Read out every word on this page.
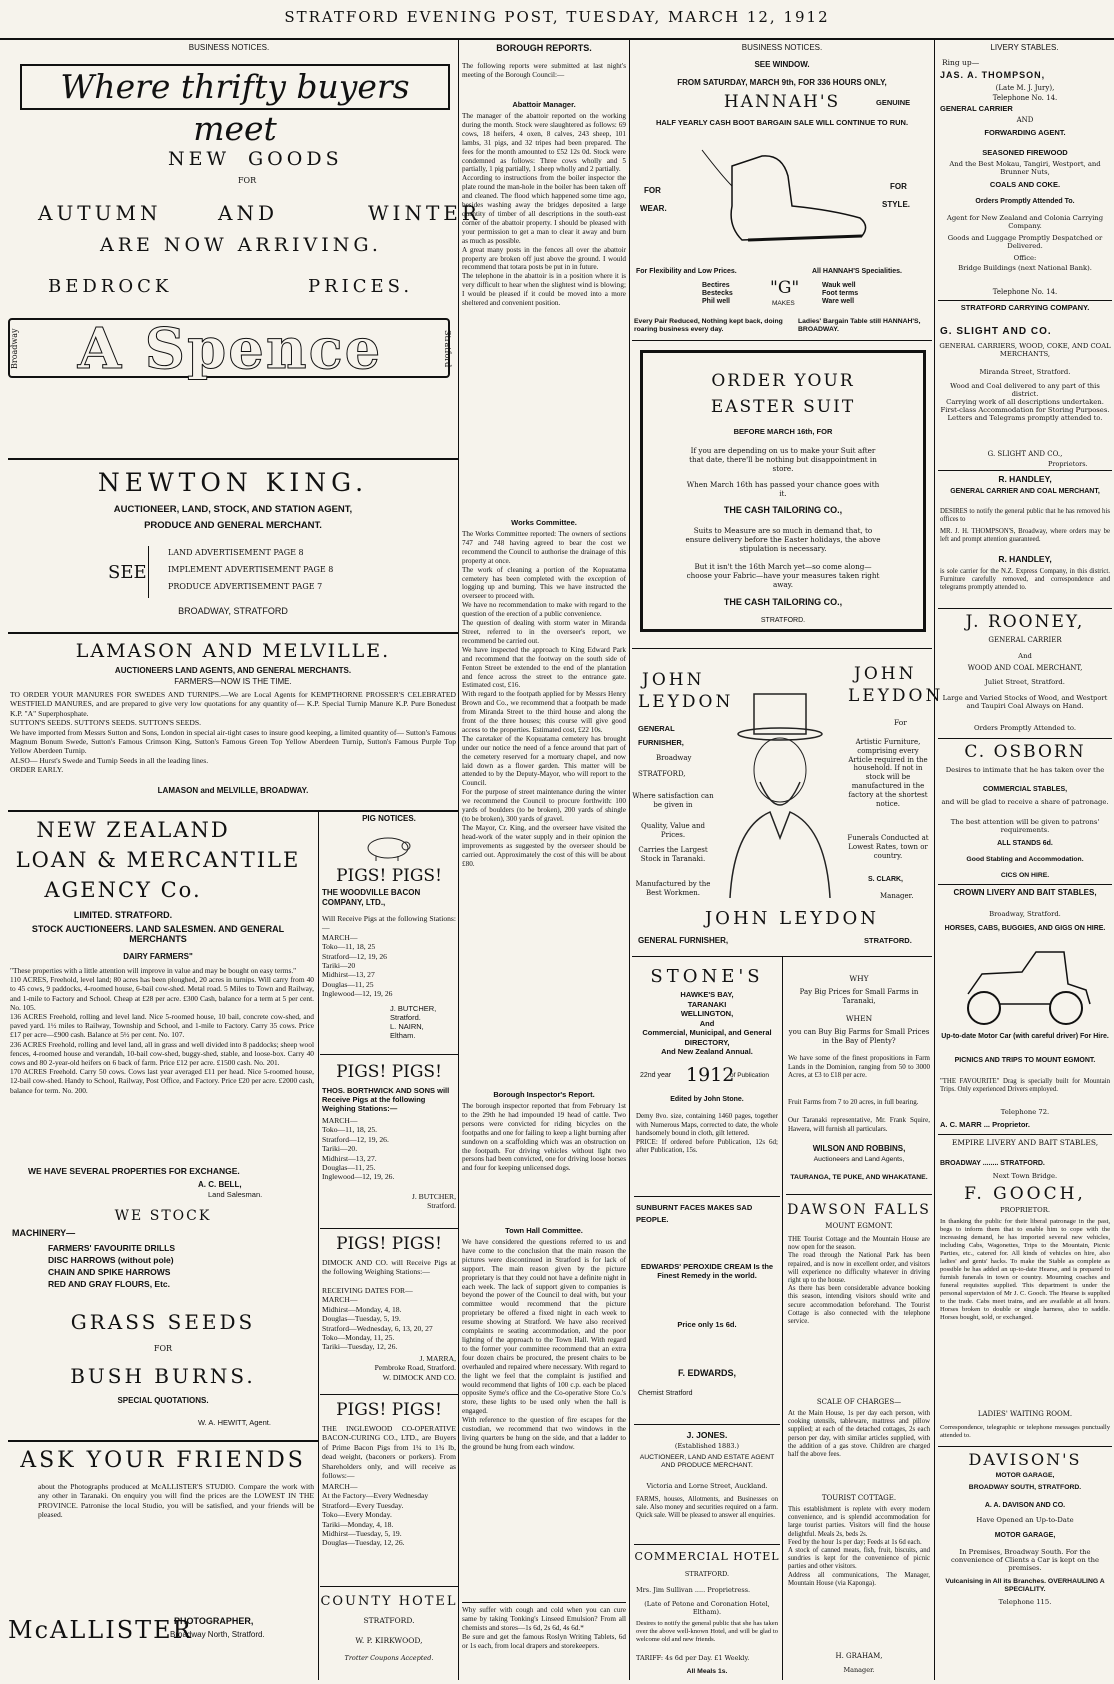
STRATFORD EVENING POST, TUESDAY, MARCH 12, 1912
BUSINESS NOTICES.	BOROUGH REPORTS.	BUSINESS NOTICES.	LIVERY STABLES.
Where thrifty buyers meet
NEW GOODS
FOR
AUTUMN	AND	WINTER
ARE NOW ARRIVING.
BEDROCK	PRICES.
Broadway	A Spence	Stratford
NEWTON KING.
AUCTIONEER, LAND, STOCK, AND STATION AGENT,
PRODUCE AND GENERAL MERCHANT.
SEE
LAND ADVERTISEMENT PAGE 8
IMPLEMENT ADVERTISEMENT PAGE 8
PRODUCE ADVERTISEMENT PAGE 7
BROADWAY, STRATFORD
LAMASON AND MELVILLE.
AUCTIONEERS LAND AGENTS, AND GENERAL MERCHANTS.
FARMERS—NOW IS THE TIME.
TO ORDER YOUR MANURES FOR SWEDES AND TURNIPS.—We are Local Agents for KEMPTHORNE PROSSER'S CELEBRATED WESTFIELD MANURES, and are prepared to give very low quotations for any quantity of— K.P. Special Turnip Manure K.P. Pure Bonedust K.P. "A" Superphosphate.
SUTTON'S SEEDS. SUTTON'S SEEDS. SUTTON'S SEEDS.
We have imported from Messrs Sutton and Sons, London in special air-tight cases to insure good keeping, a limited quantity of— Sutton's Famous Magnum Bonum Swede, Sutton's Famous Crimson King, Sutton's Famous Green Top Yellow Aberdeen Turnip, Sutton's Famous Purple Top Yellow Aberdeen Turnip.
ALSO— Hurst's Swede and Turnip Seeds in all the leading lines.
ORDER EARLY.
LAMASON and MELVILLE, BROADWAY.
NEW ZEALAND
LOAN & MERCANTILE
AGENCY Co.
LIMITED. STRATFORD.
STOCK AUCTIONEERS. LAND SALESMEN. AND GENERAL MERCHANTS
DAIRY FARMERS"
"These properties with a little attention will improve in value and may be bought on easy terms."
110 ACRES, Freehold, level land; 80 acres has been ploughed, 20 acres in turnips. Will carry from 40 to 45 cows, 9 paddocks, 4-roomed house, 6-bail cow-shed. Metal road. 5 Miles to Town and Railway, and 1-mile to Factory and School. Cheap at £28 per acre. £300 Cash, balance for a term at 5 per cent. No. 105.
136 ACRES Freehold, rolling and level land. Nice 5-roomed house, 10 bail, concrete cow-shed, and paved yard. 1½ miles to Railway, Township and School, and 1-mile to Factory. Carry 35 cows. Price £17 per acre—£900 cash. Balance at 5½ per cent. No. 107.
236 ACRES Freehold, rolling and level land, all in grass and well divided into 8 paddocks; sheep wool fences, 4-roomed house and verandah, 10-bail cow-shed, buggy-shed, stable, and loose-box. Carry 40 cows and 80 2-year-old heifers on 6 back of farm. Price £12 per acre. £1500 cash. No. 201.
170 ACRES Freehold. Carry 50 cows. Cows last year averaged £11 per head. Nice 5-roomed house, 12-bail cow-shed. Handy to School, Railway, Post Office, and Factory. Price £20 per acre. £2000 cash, balance for term. No. 200.
WE HAVE SEVERAL PROPERTIES FOR EXCHANGE.
A. C. BELL,
Land Salesman.
WE STOCK
MACHINERY—
FARMERS' FAVOURITE DRILLS
DISC HARROWS (without pole)
CHAIN AND SPIKE HARROWS
RED AND GRAY FLOURS, Etc.
GRASS SEEDS
FOR
BUSH BURNS.
SPECIAL QUOTATIONS.
W. A. HEWITT, Agent.
ASK YOUR FRIENDS
about the Photographs produced at McALLISTER'S STUDIO. Compare the work with any other in Taranaki. On enquiry you will find the prices are the LOWEST IN THE PROVINCE. Patronise the local Studio, you will be satisfied, and your friends will be pleased.
McALLISTER
PHOTOGRAPHER,
Broadway North, Stratford.
PIG NOTICES.
PIGS! PIGS!
THE WOODVILLE BACON COMPANY, LTD.,
Will Receive Pigs at the following Stations:—
MARCH—
Toko—11, 18, 25
Stratford—12, 19, 26
Tariki—20
Midhirst—13, 27
Douglas—11, 25
Inglewood—12, 19, 26
J. BUTCHER,
Stratford.
L. NAIRN,
Eltham.
PIGS! PIGS!
THOS. BORTHWICK AND SONS will Receive Pigs at the following Weighing Stations:—
MARCH—
Toko—11, 18, 25.
Stratford—12, 19, 26.
Tariki—20.
Midhirst—13, 27.
Douglas—11, 25.
Inglewood—12, 19, 26.
J. BUTCHER,
Stratford.
PIGS! PIGS!
DIMOCK AND CO. will Receive Pigs at the following Weighing Stations:—
RECEIVING DATES FOR—
MARCH—
Midhirst—Monday, 4, 18.
Douglas—Tuesday, 5, 19.
Stratford—Wednesday, 6, 13, 20, 27
Toko—Monday, 11, 25.
Tariki—Tuesday, 12, 26.
J. MARRA,
Pembroke Road, Stratford.
W. DIMOCK AND CO.
PIGS! PIGS!
THE INGLEWOOD CO-OPERATIVE BACON-CURING CO., LTD., are Buyers of Prime Bacon Pigs from 1¼ to 1¾ lb, dead weight, (baconers or porkers). From Shareholders only, and will receive as follows:—
MARCH—
At the Factory—Every Wednesday
Stratford—Every Tuesday.
Toko—Every Monday.
Tariki—Monday, 4, 18.
Midhirst—Tuesday, 5, 19.
Douglas—Tuesday, 12, 26.
COUNTY HOTEL
STRATFORD.
W. P. KIRKWOOD,
Trotter Coupons Accepted.
The following reports were submitted at last night's meeting of the Borough Council:—
Abattoir Manager.
The manager of the abattoir reported on the working during the month. Stock were slaughtered as follows: 69 cows, 18 heifers, 4 oxen, 8 calves, 243 sheep, 101 lambs, 31 pigs, and 32 tripes had been prepared. The fees for the month amounted to £52 12s 0d. Stock were condemned as follows: Three cows wholly and 5 partially, 1 pig partially, 1 sheep wholly and 2 partially.
According to instructions from the boiler inspector the plate round the man-hole in the boiler has been taken off and cleaned. The flood which happened some time ago, besides washing away the bridges deposited a large quantity of timber of all descriptions in the south-east corner of the abattoir property. I should be pleased with your permission to get a man to clear it away and burn as much as possible.
A great many posts in the fences all over the abattoir property are broken off just above the ground. I would recommend that totara posts be put in in future.
The telephone in the abattoir is in a position where it is very difficult to hear when the slightest wind is blowing; I would be pleased if it could be moved into a more sheltered and convenient position.
Works Committee.
The Works Committee reported: The owners of sections 747 and 748 having agreed to bear the cost we recommend the Council to authorise the drainage of this property at once.
The work of cleaning a portion of the Kopuatama cemetery has been completed with the exception of logging up and burning. This we have instructed the overseer to proceed with.
We have no recommendation to make with regard to the question of the erection of a public convenience.
The question of dealing with storm water in Miranda Street, referred to in the overseer's report, we recommend be carried out.
We have inspected the approach to King Edward Park and recommend that the footway on the south side of Fenton Street be extended to the end of the plantation and fence across the street to the entrance gate. Estimated cost, £16.
With regard to the footpath applied for by Messrs Henry Brown and Co., we recommend that a footpath be made from Miranda Street to the third house and along the front of the three houses; this course will give good access to the properties. Estimated cost, £22 10s.
The caretaker of the Kopuatama cemetery has brought under our notice the need of a fence around that part of the cemetery reserved for a mortuary chapel, and now laid down as a flower garden. This matter will be attended to by the Deputy-Mayor, who will report to the Council.
For the purpose of street maintenance during the winter we recommend the Council to procure forthwith: 100 yards of boulders (to be broken), 200 yards of shingle (to be broken), 300 yards of gravel.
The Mayor, Cr. King, and the overseer have visited the head-work of the water supply and in their opinion the improvements as suggested by the overseer should be carried out. Approximately the cost of this will be about £80.
Borough Inspector's Report.
The borough inspector reported that from February 1st to the 29th he had impounded 19 head of cattle. Two persons were convicted for riding bicycles on the footpaths and one for failing to keep a light burning after sundown on a scaffolding which was an obstruction on the footpath. For driving vehicles without light two persons had been convicted, one for driving loose horses and four for keeping unlicensed dogs.
Town Hall Committee.
We have considered the questions referred to us and have come to the conclusion that the main reason the pictures were discontinued in Stratford is for lack of support. The main reason given by the picture proprietary is that they could not have a definite night in each week. The lack of support given to companies is beyond the power of the Council to deal with, but your committee would recommend that the picture proprietary be offered a fixed night in each week to resume showing at Stratford. We have also received complaints re seating accommodation, and the poor lighting of the approach to the Town Hall. With regard to the former your committee recommend that an extra four dozen chairs be procured, the present chairs to be overhauled and repaired where necessary. With regard to the light we feel that the complaint is justified and would recommend that lights of 100 c.p. each be placed opposite Syme's office and the Co-operative Store Co.'s store, these lights to be used only when the hall is engaged.
With reference to the question of fire escapes for the custodian, we recommend that two windows in the living quarters be hung on the side, and that a ladder to the ground be hung from each window.
Why suffer with cough and cold when you can cure same by taking Tonking's Linseed Emulsion? From all chemists and stores—1s 6d, 2s 6d, 4s 6d.*
Be sure and get the famous Roslyn Writing Tablets, 6d or 1s each, from local drapers and storekeepers.
SEE WINDOW.
FROM SATURDAY, MARCH 9th, FOR 336 HOURS ONLY,
HANNAH'S	GENUINE
HALF YEARLY CASH BOOT BARGAIN SALE WILL CONTINUE TO RUN.
FOR
WEAR.
FOR
STYLE.
For Flexibility and Low Prices.	All HANNAH'S Specialities.
Bectires
Bestecks
Phil well
"G"
MAKES
Wauk well
Foot terms
Ware well
Every Pair Reduced, Nothing kept back, doing roaring business every day.
Ladies' Bargain Table still HANNAH'S, BROADWAY.
ORDER YOUR
EASTER SUIT
BEFORE MARCH 16th, FOR
If you are depending on us to make your Suit after that date, there'll be nothing but disappointment in store.
When March 16th has passed your chance goes with it.
THE CASH TAILORING CO.,
Suits to Measure are so much in demand that, to ensure delivery before the Easter holidays, the above stipulation is necessary.
But it isn't the 16th March yet—so come along—choose your Fabric—have your measures taken right away.
THE CASH TAILORING CO.,
STRATFORD.
JOHN
LEYDON
GENERAL
FURNISHER,
Broadway
STRATFORD,
Where satisfaction can be given in
Quality, Value and Prices.
Carries the Largest Stock in Taranaki.
Manufactured by the Best Workmen.
JOHN
LEYDON
For
Artistic Furniture, comprising every Article required in the household. If not in stock will be manufactured in the factory at the shortest notice.
Funerals Conducted at Lowest Rates, town or country.
S. CLARK,
Manager.
JOHN LEYDON
GENERAL FURNISHER,	STRATFORD.
STONE'S
HAWKE'S BAY,
TARANAKI
WELLINGTON,
And
Commercial, Municipal, and General
DIRECTORY,
And New Zealand Annual.
22nd year 1912
of Publication
Edited by John Stone.
Demy 8vo. size, containing 1460 pages, together with Numerous Maps, corrected to date, the whole handsomely bound in cloth, gilt lettered.
PRICE: If ordered before Publication, 12s 6d; after Publication, 15s.
SUNBURNT FACES MAKES SAD PEOPLE.
EDWARDS' PEROXIDE CREAM Is the Finest Remedy in the world.
Price only 1s 6d.
F. EDWARDS,
Chemist Stratford
J. JONES.
(Established 1883.)
AUCTIONEER, LAND AND ESTATE AGENT AND PRODUCE MERCHANT.
Victoria and Lorne Street, Auckland.
FARMS, houses, Allotments, and Businesses on sale. Also money and securities required on a farm. Quick sale. Will be pleased to answer all enquiries.
COMMERCIAL HOTEL
STRATFORD.
Mrs. Jim Sullivan ..... Proprietress.
(Late of Petone and Coronation Hotel, Eltham).
Desires to notify the general public that she has taken over the above well-known Hotel, and will be glad to welcome old and new friends.
TARIFF: 4s 6d per Day. £1 Weekly.
All Meals 1s.
WHY
Pay Big Prices for Small Farms in Taranaki,
WHEN
you can Buy Big Farms for Small Prices in the Bay of Plenty?
We have some of the finest propositions in Farm Lands in the Dominion, ranging from 50 to 3000 Acres, at £3 to £18 per acre.
Fruit Farms from 7 to 20 acres, in full bearing.
Our Taranaki representative, Mr. Frank Squire, Hawera, will furnish all particulars.
WILSON AND ROBBINS,
Auctioneers and Land Agents,
TAURANGA, TE PUKE, AND WHAKATANE.
DAWSON FALLS
MOUNT EGMONT.
THE Tourist Cottage and the Mountain House are now open for the season.
The road through the National Park has been repaired, and is now in excellent order, and visitors will experience no difficulty whatever in driving right up to the house.
As there has been considerable advance booking this season, intending visitors should write and secure accommodation beforehand. The Tourist Cottage is also connected with the telephone service.
SCALE OF CHARGES—
At the Main House, 1s per day each person, with cooking utensils, tableware, mattress and pillow supplied; at each of the detached cottages, 2s each person per day, with similar articles supplied, with the addition of a gas stove. Children are charged half the above fees.
TOURIST COTTAGE.
This establishment is replete with every modern convenience, and is splendid accommodation for large tourist parties. Visitors will find the house delightful. Meals 2s, beds 2s.
Feed by the hour 1s per day; Feeds at 1s 6d each.
A stock of canned meats, fish, fruit, biscuits, and sundries is kept for the convenience of picnic parties and other visitors.
Address all communications, The Manager, Mountain House (via Kaponga).
H. GRAHAM,
Manager.
Ring up—
JAS. A. THOMPSON,
(Late M. J. Jury),
Telephone No. 14.
GENERAL CARRIER
AND
FORWARDING AGENT.
SEASONED FIREWOOD
And the Best Mokau, Tangiri, Westport, and Brunner Nuts,
COALS AND COKE.
Orders Promptly Attended To.
Agent for New Zealand and Colonia Carrying Company.
Goods and Luggage Promptly Despatched or Delivered.
Office:
Bridge Buildings (next National Bank).
Telephone No. 14.
STRATFORD CARRYING COMPANY.
G. SLIGHT AND CO.
GENERAL CARRIERS, WOOD, COKE, AND COAL MERCHANTS,
Miranda Street, Stratford.
Wood and Coal delivered to any part of this district.
Carrying work of all descriptions undertaken.
First-class Accommodation for Storing Purposes.
Letters and Telegrams promptly attended to.
G. SLIGHT AND CO.,
Proprietors.
R. HANDLEY,
GENERAL CARRIER AND COAL MERCHANT,
DESIRES to notify the general public that he has removed his offices to
MR. J. H. THOMPSON'S, Broadway, where orders may be left and prompt attention guaranteed.
R. HANDLEY,
is sole carrier for the N.Z. Express Company, in this district. Furniture carefully removed, and correspondence and telegrams promptly attended to.
J. ROONEY,
GENERAL CARRIER
And
WOOD AND COAL MERCHANT,
Juliet Street, Stratford.
Large and Varied Stocks of Wood, and Westport and Taupiri Coal Always on Hand.
Orders Promptly Attended to.
C. OSBORN
Desires to intimate that he has taken over the
COMMERCIAL STABLES,
and will be glad to receive a share of patronage.
The best attention will be given to patrons' requirements.
ALL STANDS 6d.
Good Stabling and Accommodation.
CICS ON HIRE.
CROWN LIVERY AND BAIT STABLES,
Broadway, Stratford.
HORSES, CABS, BUGGIES, AND GIGS ON HIRE.
Up-to-date Motor Car (with careful driver) For Hire.
PICNICS AND TRIPS TO MOUNT EGMONT.
"THE FAVOURITE" Drag is specially built for Mountain Trips. Only experienced Drivers employed.
Telephone 72.
A. C. MARR ... Proprietor.
EMPIRE LIVERY AND BAIT STABLES,
BROADWAY ........ STRATFORD.
Next Town Bridge.
F. GOOCH,
PROPRIETOR.
In thanking the public for their liberal patronage in the past, begs to inform them that to enable him to cope with the increasing demand, he has imported several new vehicles, including Cabs, Wagonettes, Trips to the Mountain, Picnic Parties, etc., catered for. All kinds of vehicles on hire, also ladies' and gents' hacks. To make the Stable as complete as possible he has added an up-to-date Hearse, and is prepared to furnish funerals in town or country. Mourning coaches and funeral requisites supplied. This department is under the personal supervision of Mr J. C. Gooch. The Hearse is supplied to the trade. Cabs meet trains, and are available at all hours. Horses broken to double or single harness, also to saddle. Horses bought, sold, or exchanged.
LADIES' WAITING ROOM.
Correspondence, telegraphic or telephone messages punctually attended to.
DAVISON'S
MOTOR GARAGE,
BROADWAY SOUTH, STRATFORD.
A. A. DAVISON AND CO.
Have Opened an Up-to-Date
MOTOR GARAGE,
In Premises, Broadway South. For the convenience of Clients a Car is kept on the premises.
Vulcanising in All its Branches. OVERHAULING A SPECIALITY.
Telephone 115.
